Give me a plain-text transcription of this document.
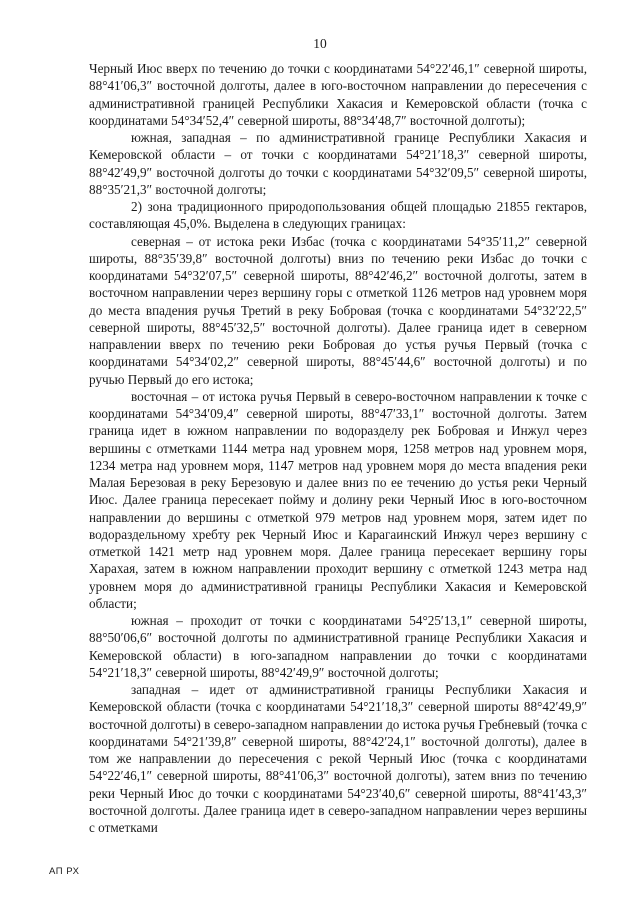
10

Черный Июс вверх по течению до точки с координатами 54°22′46,1″ северной широты, 88°41′06,3″ восточной долготы, далее в юго-восточном направлении до пересечения с административной границей Республики Хакасия и Кемеровской области (точка с координатами 54°34′52,4″ северной широты, 88°34′48,7″ восточной долготы);

южная, западная – по административной границе Республики Хакасия и Кемеровской области – от точки с координатами 54°21′18,3″ северной широты, 88°42′49,9″ восточной долготы до точки с координатами 54°32′09,5″ северной широты, 88°35′21,3″ восточной долготы;

2) зона традиционного природопользования общей площадью 21855 гектаров, составляющая 45,0%. Выделена в следующих границах:

северная – от истока реки Избас (точка с координатами 54°35′11,2″ северной широты, 88°35′39,8″ восточной долготы) вниз по течению реки Избас до точки с координатами 54°32′07,5″ северной широты, 88°42′46,2″ восточной долготы, затем в восточном направлении через вершину горы с отметкой 1126 метров над уровнем моря до места впадения ручья Третий в реку Бобровая (точка с координатами 54°32′22,5″ северной широты, 88°45′32,5″ восточной долготы). Далее граница идет в северном направлении вверх по течению реки Бобровая до устья ручья Первый (точка с координатами 54°34′02,2″ северной широты, 88°45′44,6″ восточной долготы) и по ручью Первый до его истока;

восточная – от истока ручья Первый в северо-восточном направлении к точке с координатами 54°34′09,4″ северной широты, 88°47′33,1″ восточной долготы. Затем граница идет в южном направлении по водоразделу рек Бобровая и Инжул через вершины с отметками 1144 метра над уровнем моря, 1258 метров над уровнем моря, 1234 метра над уровнем моря, 1147 метров над уровнем моря до места впадения реки Малая Березовая в реку Березовую и далее вниз по ее течению до устья реки Черный Июс. Далее граница пересекает пойму и долину реки Черный Июс в юго-восточном направлении до вершины с отметкой 979 метров над уровнем моря, затем идет по водораздельному хребту рек Черный Июс и Карагаинский Инжул через вершину с отметкой 1421 метр над уровнем моря. Далее граница пересекает вершину горы Харахая, затем в южном направлении проходит вершину с отметкой 1243 метра над уровнем моря до административной границы Республики Хакасия и Кемеровской области;

южная – проходит от точки с координатами 54°25′13,1″ северной широты, 88°50′06,6″ восточной долготы по административной границе Республики Хакасия и Кемеровской области) в юго-западном направлении до точки с координатами 54°21′18,3″ северной широты, 88°42′49,9″ восточной долготы;

западная – идет от административной границы Республики Хакасия и Кемеровской области (точка с координатами 54°21′18,3″ северной широты 88°42′49,9″ восточной долготы) в северо-западном направлении до истока ручья Гребневый (точка с координатами 54°21′39,8″ северной широты, 88°42′24,1″ восточной долготы), далее в том же направлении до пересечения с рекой Черный Июс (точка с координатами 54°22′46,1″ северной широты, 88°41′06,3″ восточной долготы), затем вниз по течению реки Черный Июс до точки с координатами 54°23′40,6″ северной широты, 88°41′43,3″ восточной долготы. Далее граница идет в северо-западном направлении через вершины с отметками

АП РХ
